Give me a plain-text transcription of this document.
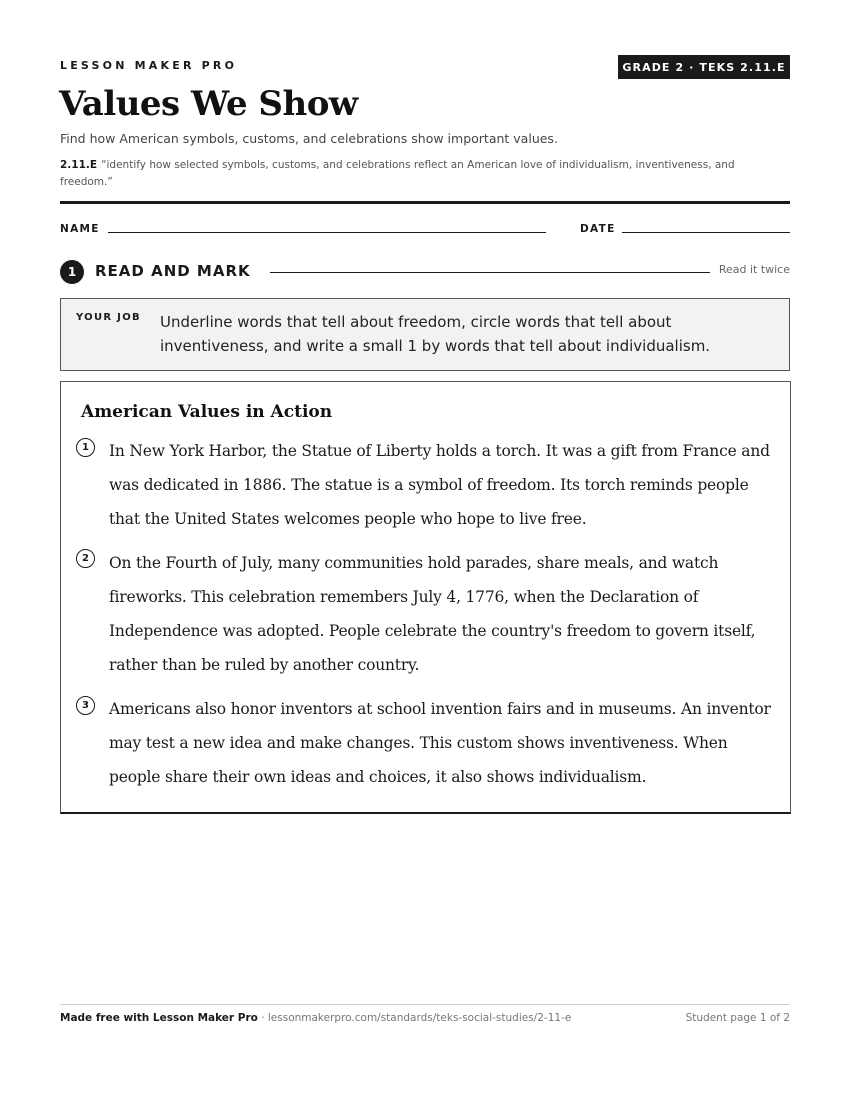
LESSON MAKER PRO	GRADE 2 · TEKS 2.11.E
Values We Show

Find how American symbols, customs, and celebrations show important values.

2.11.E “identify how selected symbols, customs, and celebrations reflect an American love of individualism, inventiveness, and freedom.”

NAME	DATE
1	READ AND MARK	Read it twice
YOUR JOB Underline words that tell about freedom, circle words that tell about inventiveness, and write a small 1 by words that tell about individualism.
American Values in Action
1	In New York Harbor, the Statue of Liberty holds a torch. It was a gift from France and was dedicated in 1886. The statue is a symbol of freedom. Its torch reminds people that the United States welcomes people who hope to live free.
2	On the Fourth of July, many communities hold parades, share meals, and watch fireworks. This celebration remembers July 4, 1776, when the Declaration of Independence was adopted. People celebrate the country's freedom to govern itself, rather than be ruled by another country.
3	Americans also honor inventors at school invention fairs and in museums. An inventor may test a new idea and make changes. This custom shows inventiveness. When people share their own ideas and choices, it also shows individualism.
Made free with Lesson Maker Pro · lessonmakerpro.com/standards/teks-social-studies/2-11-e	Student page 1 of 2
